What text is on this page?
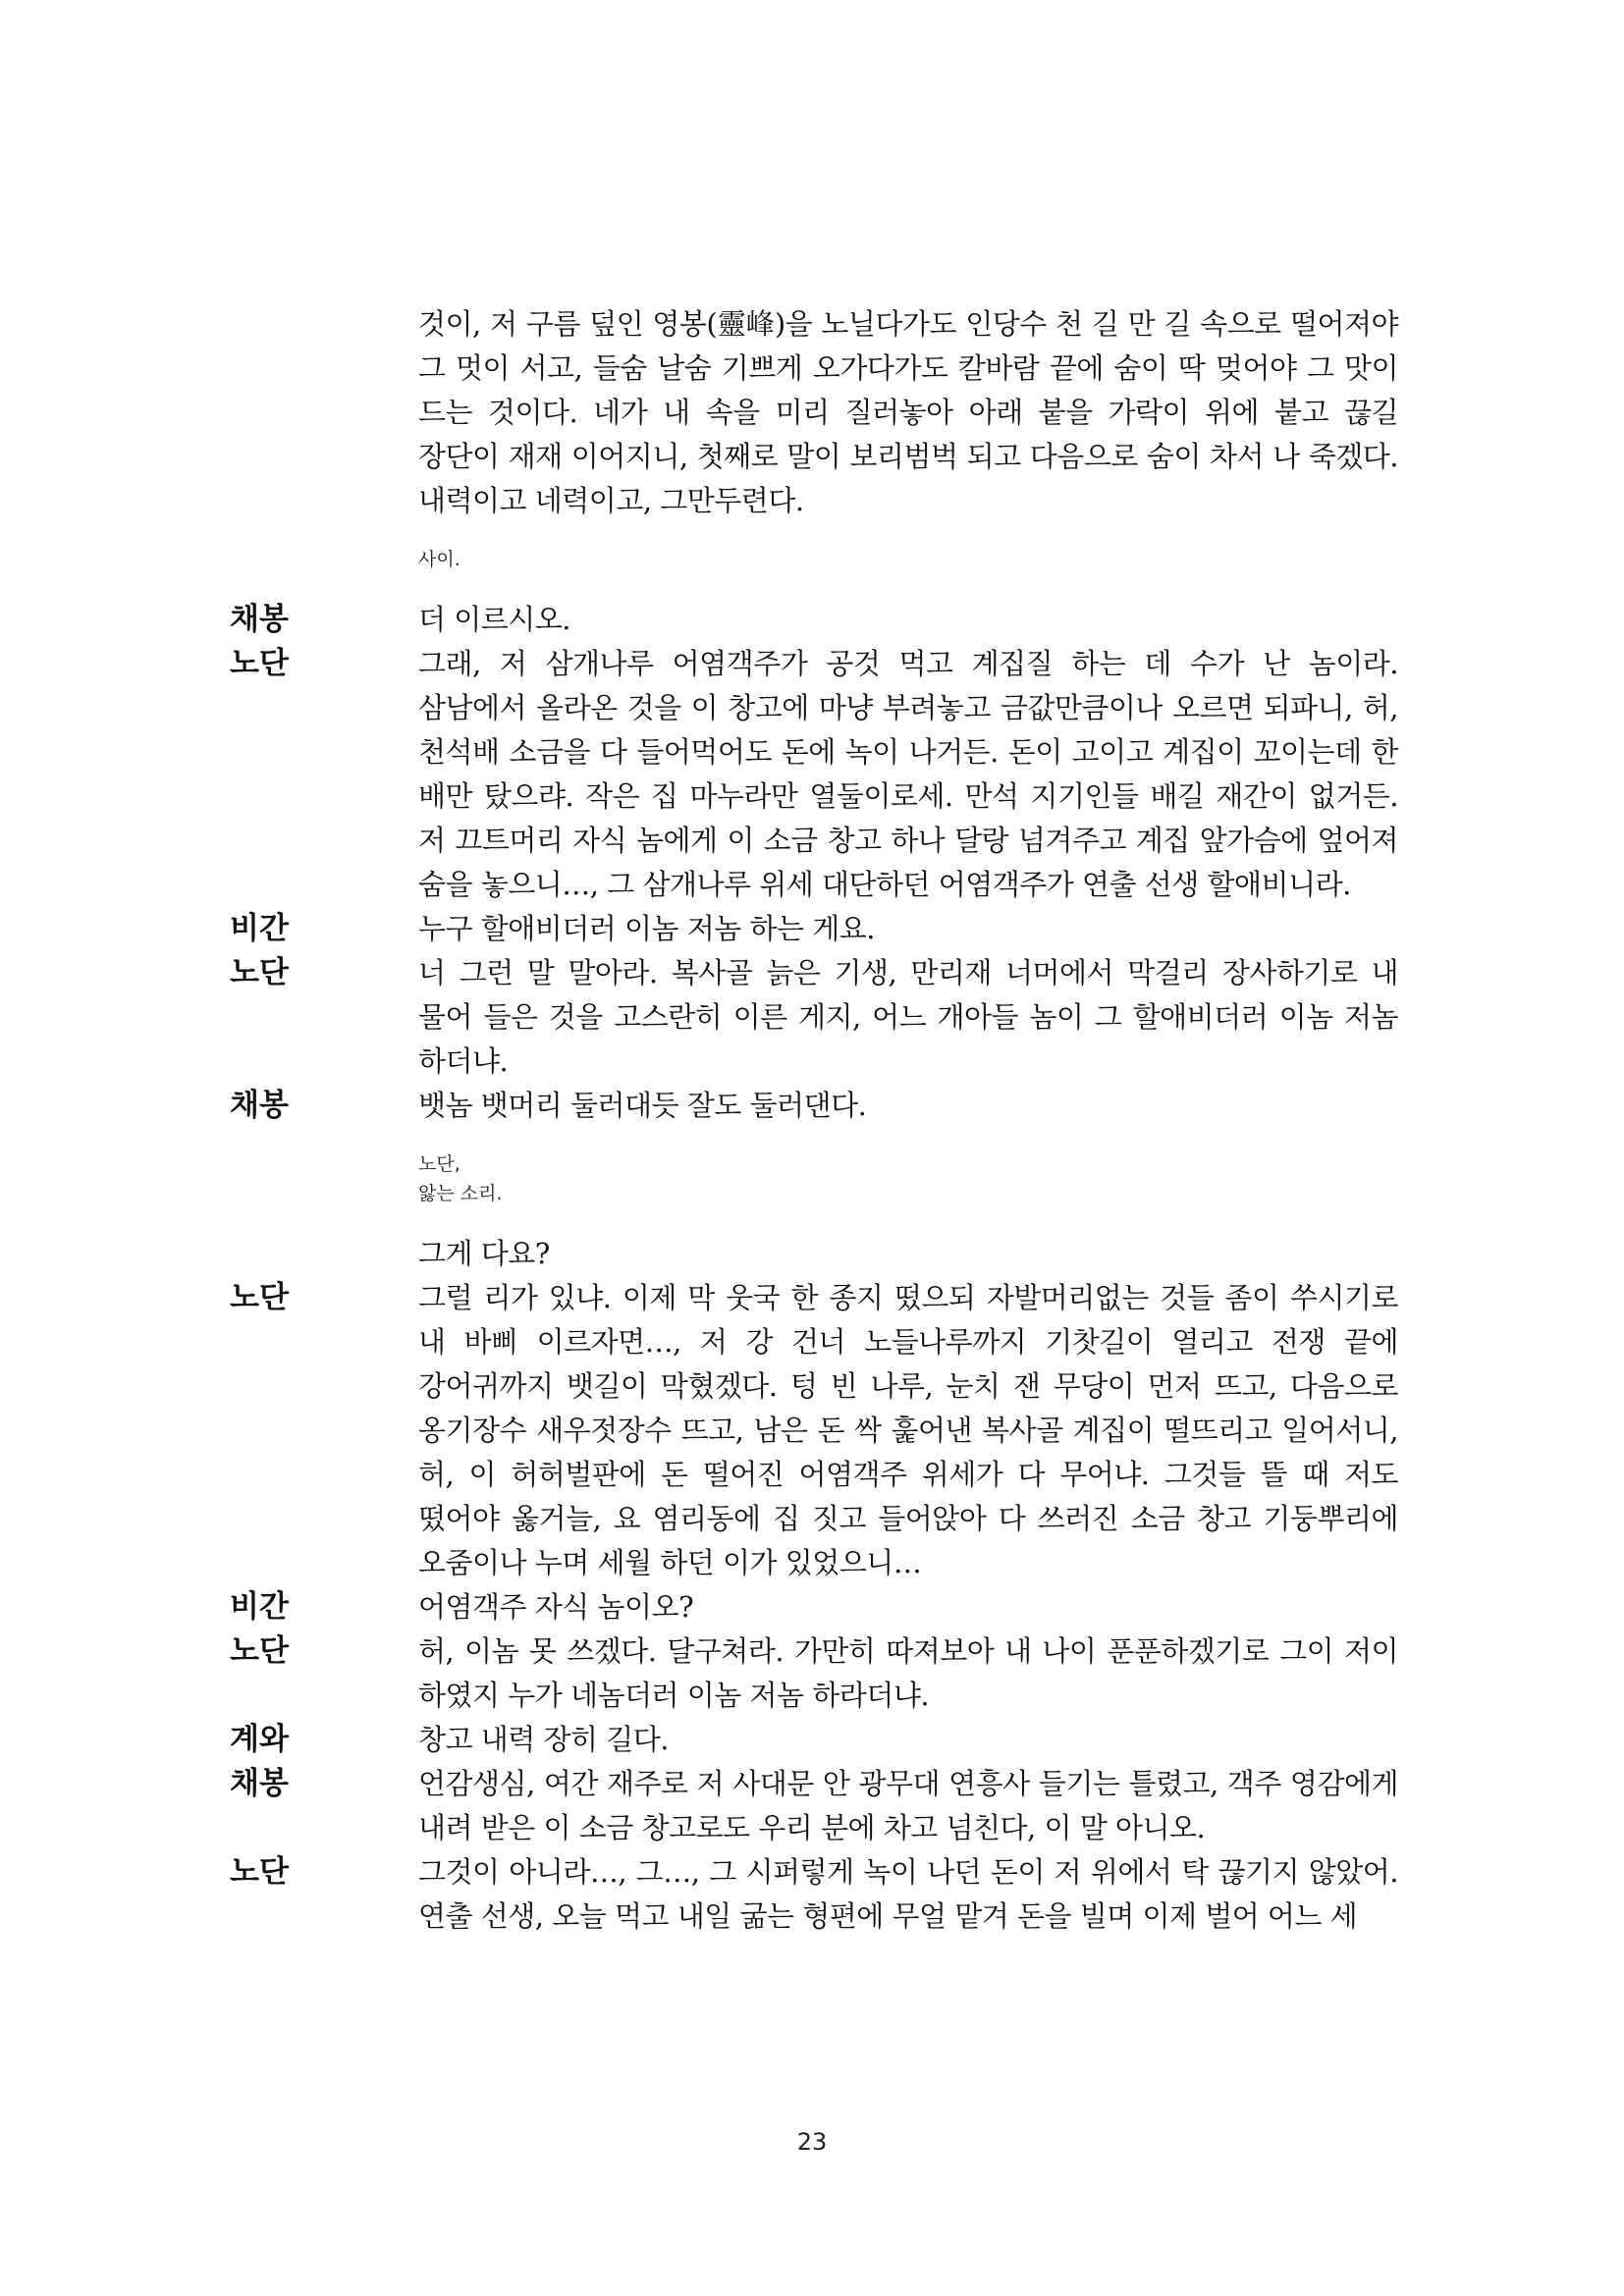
것이, 저 구름 덮인 영봉(靈峰)을 노닐다가도 인당수 천 길 만 길 속으로 떨어져야 그 멋이 서고, 들숨 날숨 기쁘게 오가다가도 칼바람 끝에 숨이 딱 멎어야 그 맛이 드는 것이다. 네가 내 속을 미리 질러놓아 아래 붙을 가락이 위에 붙고 끊길 장단이 재재 이어지니, 첫째로 말이 보리범벅 되고 다음으로 숨이 차서 나 죽겠다. 내력이고 네력이고, 그만두련다.
사이.
채 봉	더 이르시오.
노 단	그래, 저 삼개나루 어염객주가 공것 먹고 계집질 하는 데 수가 난 놈이라. 삼남에서 올라온 것을 이 창고에 마냥 부려놓고 금값만큼이나 오르면 되파니, 허, 천석배 소금을 다 들어먹어도 돈에 녹이 나거든. 돈이 고이고 계집이 꼬이는데 한 배만 탔으랴. 작은 집 마누라만 열둘이로세. 만석 지기인들 배길 재간이 없거든. 저 끄트머리 자식 놈에게 이 소금 창고 하나 달랑 넘겨주고 계집 앞가슴에 엎어져 숨을 놓으니…, 그 삼개나루 위세 대단하던 어염객주가 연출 선생 할애비니라.
비 간	누구 할애비더러 이놈 저놈 하는 게요.
노 단	너 그런 말 말아라. 복사골 늙은 기생, 만리재 너머에서 막걸리 장사하기로 내 물어 들은 것을 고스란히 이른 게지, 어느 개아들 놈이 그 할애비더러 이놈 저놈 하더냐.
채 봉	뱃놈 뱃머리 둘러대듯 잘도 둘러댄다.
노단,
앓는 소리.
그게 다요?
노 단	그럴 리가 있냐. 이제 막 웃국 한 종지 떴으되 자발머리없는 것들 좀이 쑤시기로 내 바삐 이르자면…, 저 강 건너 노들나루까지 기찻길이 열리고 전쟁 끝에 강어귀까지 뱃길이 막혔겠다. 텅 빈 나루, 눈치 잰 무당이 먼저 뜨고, 다음으로 옹기장수 새우젓장수 뜨고, 남은 돈 싹 훑어낸 복사골 계집이 떨뜨리고 일어서니, 허, 이 허허벌판에 돈 떨어진 어염객주 위세가 다 무어냐. 그것들 뜰 때 저도 떴어야 옳거늘, 요 염리동에 집 짓고 들어앉아 다 쓰러진 소금 창고 기둥뿌리에 오줌이나 누며 세월 하던 이가 있었으니…
비 간	어염객주 자식 놈이오?
노 단	허, 이놈 못 쓰겠다. 달구쳐라. 가만히 따져보아 내 나이 푼푼하겠기로 그이 저이 하였지 누가 네놈더러 이놈 저놈 하라더냐.
계 와	창고 내력 장히 길다.
채 봉	언감생심, 여간 재주로 저 사대문 안 광무대 연흥사 들기는 틀렸고, 객주 영감에게 내려 받은 이 소금 창고로도 우리 분에 차고 넘친다, 이 말 아니오.
노 단	그것이 아니라…, 그…, 그 시퍼렇게 녹이 나던 돈이 저 위에서 탁 끊기지 않았어. 연출 선생, 오늘 먹고 내일 굶는 형편에 무얼 맡겨 돈을 빌며 이제 벌어 어느 세
23
